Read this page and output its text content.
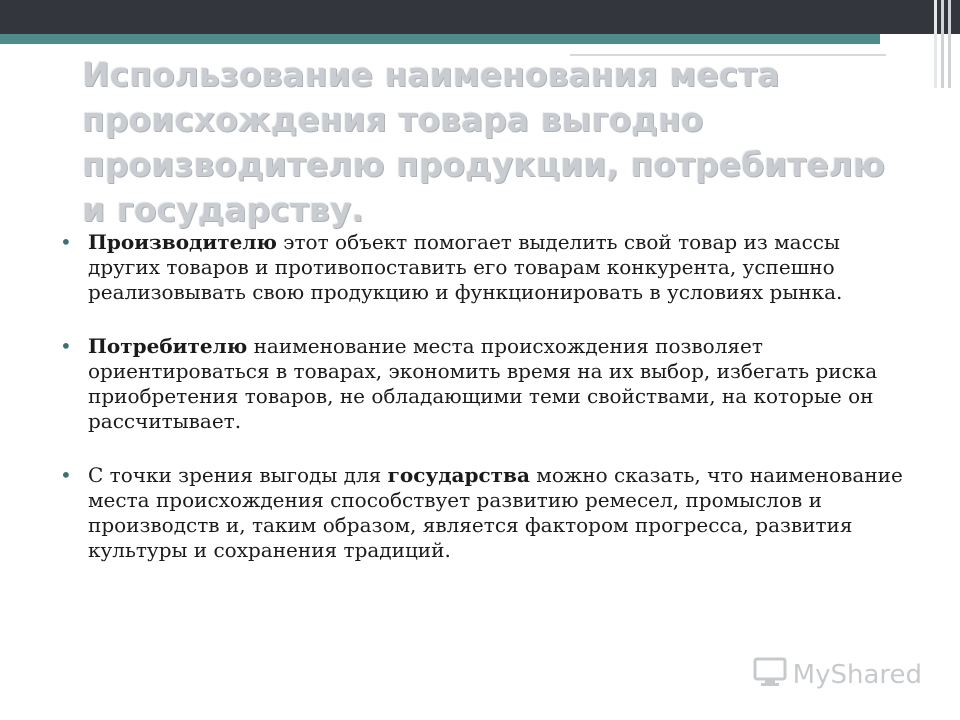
Использование наименования места происхождения товара выгодно производителю продукции, потребителю и государству.

• Производителю этот объект помогает выделить свой товар из массы других товаров и противопоставить его товарам конкурента, успешно реализовывать свою продукцию и функционировать в условиях рынка.

• Потребителю наименование места происхождения позволяет ориентироваться в товарах, экономить время на их выбор, избегать риска приобретения товаров, не обладающими теми свойствами, на которые он рассчитывает.

• С точки зрения выгоды для государства можно сказать, что наименование места происхождения способствует развитию ремесел, промыслов и производств и, таким образом, является фактором прогресса, развития культуры и сохранения традиций.

MyShared
